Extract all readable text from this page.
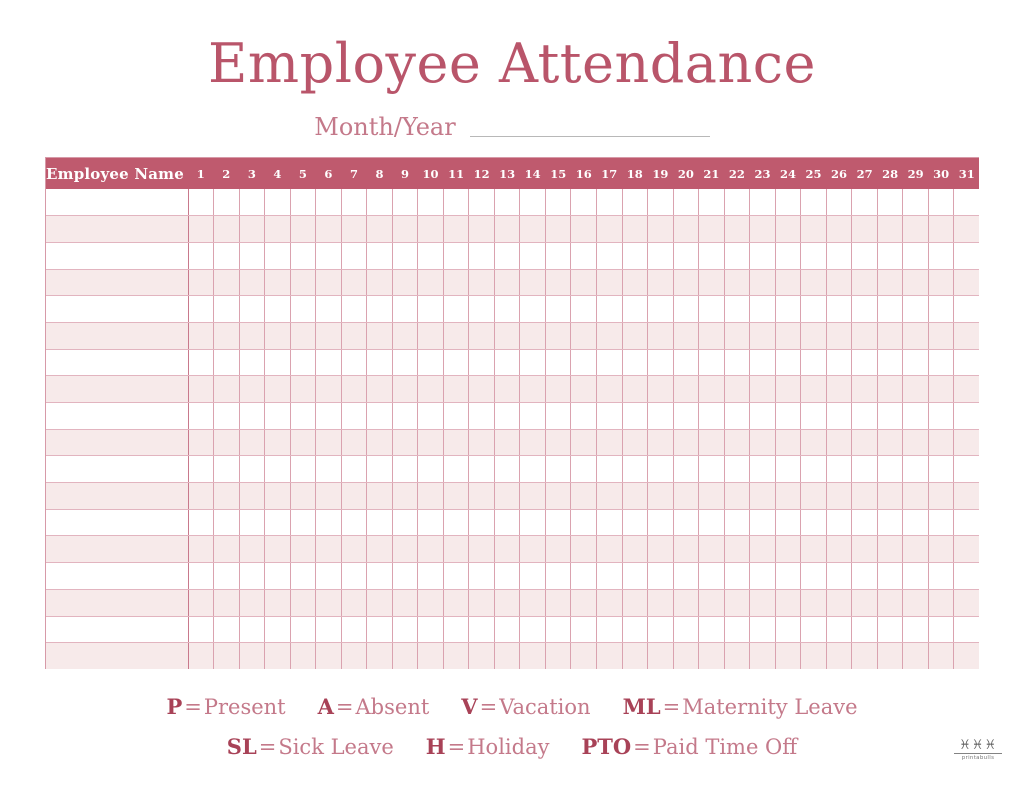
Employee Attendance
Month/Year
Employee Name	1	2	3	4	5	6	7	8	9	10	11	12	13	14	15	16	17	18	19	20	21	22	23	24	25	26	27	28	29	30	31

P=Present A=Absent V=Vacation ML=Maternity Leave
SL=Sick Leave H=Holiday PTO=Paid Time Off	♓♓♓
printabulls
